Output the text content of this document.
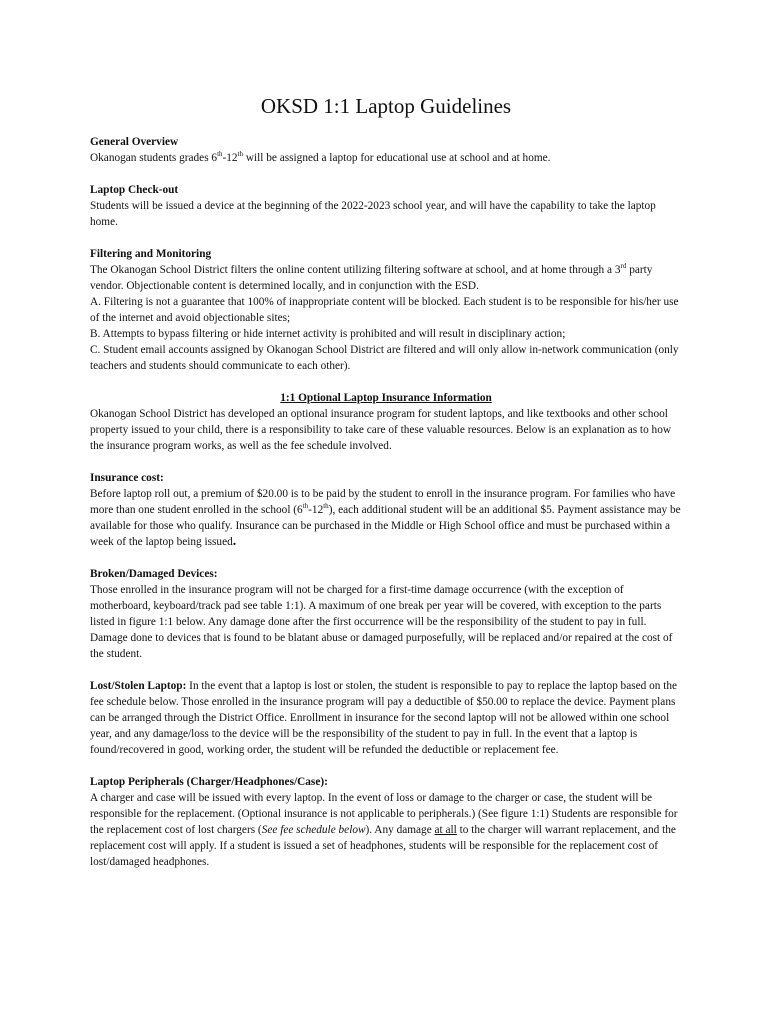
OKSD 1:1 Laptop Guidelines
General Overview

Okanogan students grades 6th-12th will be assigned a laptop for educational use at school and at home.

Laptop Check-out

Students will be issued a device at the beginning of the 2022-2023 school year, and will have the capability to take the laptop home.

Filtering and Monitoring

The Okanogan School District filters the online content utilizing filtering software at school, and at home through a 3rd party vendor. Objectionable content is determined locally, and in conjunction with the ESD.

A. Filtering is not a guarantee that 100% of inappropriate content will be blocked. Each student is to be responsible for his/her use of the internet and avoid objectionable sites;

B. Attempts to bypass filtering or hide internet activity is prohibited and will result in disciplinary action;

C. Student email accounts assigned by Okanogan School District are filtered and will only allow in-network communication (only teachers and students should communicate to each other).

1:1 Optional Laptop Insurance Information

Okanogan School District has developed an optional insurance program for student laptops, and like textbooks and other school property issued to your child, there is a responsibility to take care of these valuable resources. Below is an explanation as to how the insurance program works, as well as the fee schedule involved.

Insurance cost:

Before laptop roll out, a premium of $20.00 is to be paid by the student to enroll in the insurance program. For families who have more than one student enrolled in the school (6th-12th), each additional student will be an additional $5. Payment assistance may be available for those who qualify. Insurance can be purchased in the Middle or High School office and must be purchased within a week of the laptop being issued.

Broken/Damaged Devices:

Those enrolled in the insurance program will not be charged for a first-time damage occurrence (with the exception of motherboard, keyboard/track pad see table 1:1). A maximum of one break per year will be covered, with exception to the parts listed in figure 1:1 below. Any damage done after the first occurrence will be the responsibility of the student to pay in full. Damage done to devices that is found to be blatant abuse or damaged purposefully, will be replaced and/or repaired at the cost of the student.

Lost/Stolen Laptop: In the event that a laptop is lost or stolen, the student is responsible to pay to replace the laptop based on the fee schedule below. Those enrolled in the insurance program will pay a deductible of $50.00 to replace the device. Payment plans can be arranged through the District Office. Enrollment in insurance for the second laptop will not be allowed within one school year, and any damage/loss to the device will be the responsibility of the student to pay in full. In the event that a laptop is found/recovered in good, working order, the student will be refunded the deductible or replacement fee.

Laptop Peripherals (Charger/Headphones/Case):

A charger and case will be issued with every laptop. In the event of loss or damage to the charger or case, the student will be responsible for the replacement. (Optional insurance is not applicable to peripherals.) (See figure 1:1) Students are responsible for the replacement cost of lost chargers (See fee schedule below). Any damage at all to the charger will warrant replacement, and the replacement cost will apply. If a student is issued a set of headphones, students will be responsible for the replacement cost of lost/damaged headphones.
